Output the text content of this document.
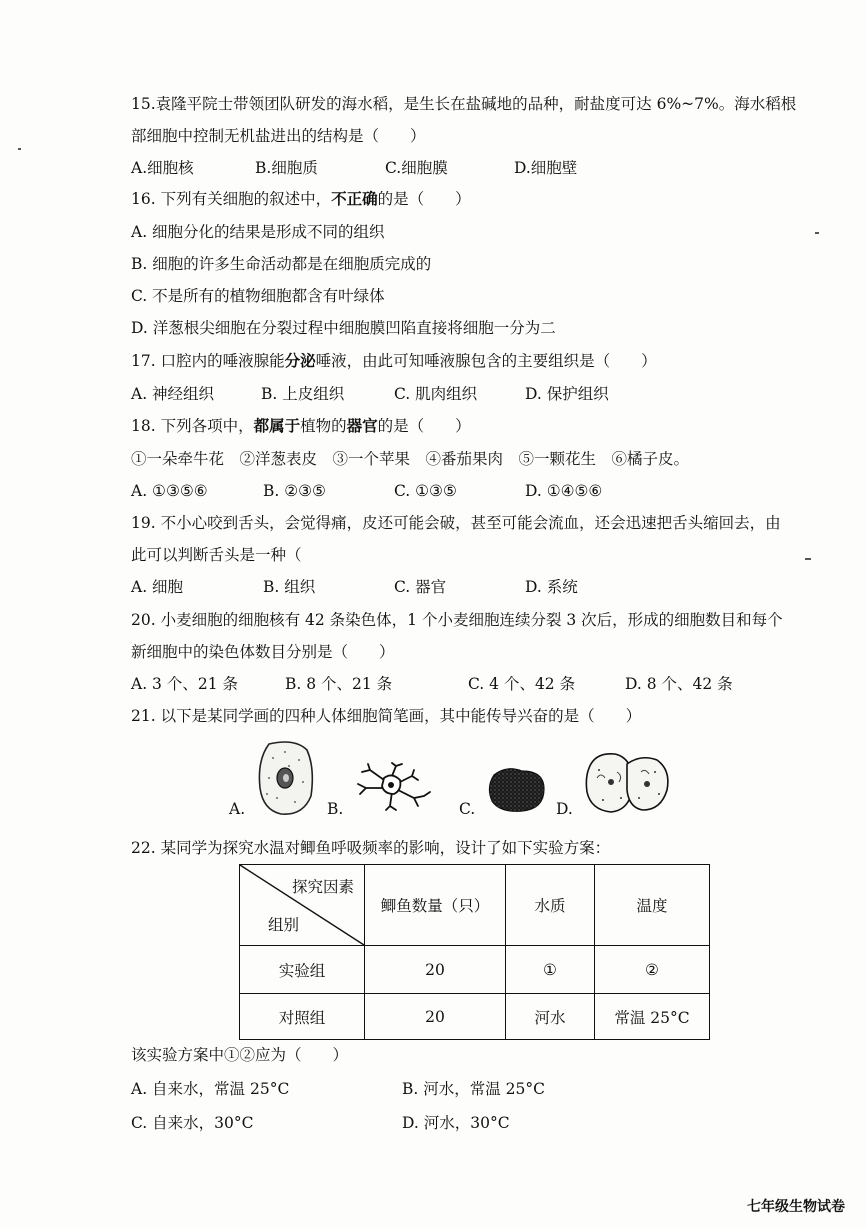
15.袁隆平院士带领团队研发的海水稻，是生长在盐碱地的品种，耐盐度可达 6%~7%。海水稻根
部细胞中控制无机盐进出的结构是（　　）
A.细胞核	B.细胞质	C.细胞膜	D.细胞壁
16. 下列有关细胞的叙述中，不正确的是（　　）
A. 细胞分化的结果是形成不同的组织
B. 细胞的许多生命活动都是在细胞质完成的
C. 不是所有的植物细胞都含有叶绿体
D. 洋葱根尖细胞在分裂过程中细胞膜凹陷直接将细胞一分为二
17. 口腔内的唾液腺能分泌唾液，由此可知唾液腺包含的主要组织是（　　）
A. 神经组织	B. 上皮组织	C. 肌肉组织	D. 保护组织
18. 下列各项中，都属于植物的器官的是（　　）
①一朵牵牛花　②洋葱表皮　③一个苹果　④番茄果肉　⑤一颗花生　⑥橘子皮。
A. ①③⑤⑥	B. ②③⑤	C. ①③⑤	D. ①④⑤⑥
19. 不小心咬到舌头，会觉得痛，皮还可能会破，甚至可能会流血，还会迅速把舌头缩回去，由
此可以判断舌头是一种（
A. 细胞	B. 组织	C. 器官	D. 系统
20. 小麦细胞的细胞核有 42 条染色体，1 个小麦细胞连续分裂 3 次后，形成的细胞数目和每个
新细胞中的染色体数目分别是（　　）
A. 3 个、21 条	B. 8 个、21 条	C. 4 个、42 条	D. 8 个、42 条
21. 以下是某同学画的四种人体细胞简笔画，其中能传导兴奋的是（　　）
A.	B.	C.	D.
22. 某同学为探究水温对鲫鱼呼吸频率的影响，设计了如下实验方案：
探究因素
组别	鲫鱼数量（只）	水质	温度
实验组	20	①	②
对照组	20	河水	常温 25°C
该实验方案中①②应为（　　）
A. 自来水，常温 25°C	B. 河水，常温 25°C
C. 自来水，30°C	D. 河水，30°C
七年级生物试卷
